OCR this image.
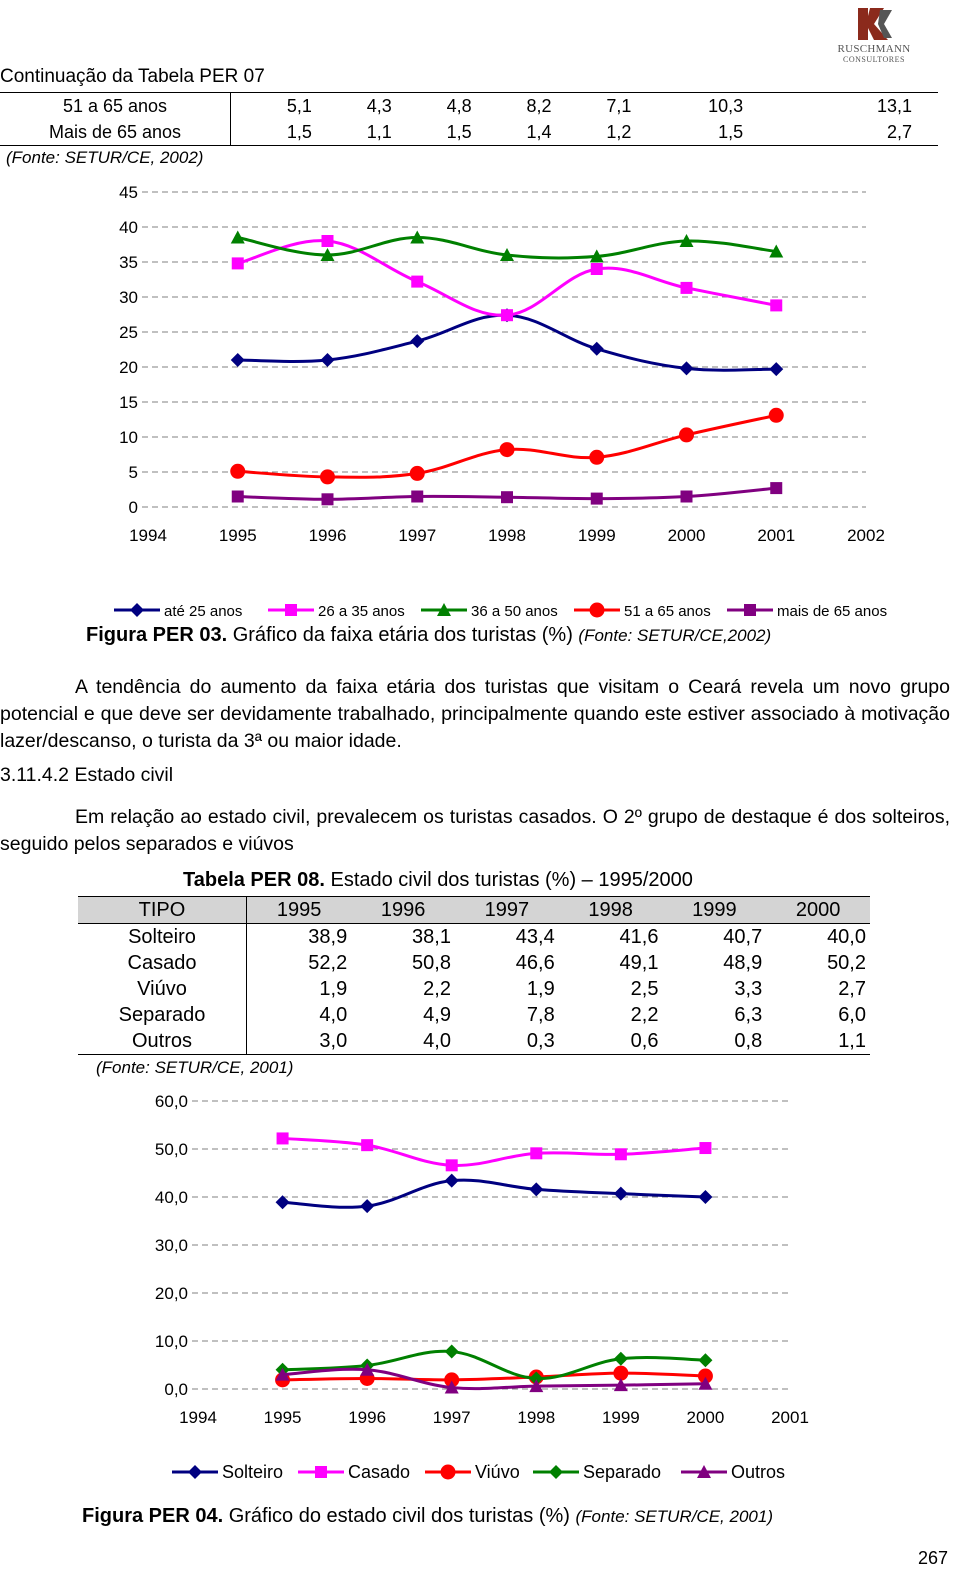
RUSCHMANN
CONSULTORES
Continuação da Tabela PER 07
51 a 65 anos	5,1	4,3	4,8	8,2	7,1	10,3	13,1
Mais de 65 anos	1,5	1,1	1,5	1,4	1,2	1,5	2,7
(Fonte: SETUR/CE, 2002)
0
5
10
15
20
25
30
35
40
45
1994	1995	1996	1997	1998	1999	2000	2001	2002
até 25 anos	26 a 35 anos	36 a 50 anos	51 a 65 anos	mais de 65 anos
Figura PER 03. Gráfico da faixa etária dos turistas (%) (Fonte: SETUR/CE,2002)
A tendência do aumento da faixa etária dos turistas que visitam o Ceará revela um novo grupo potencial e que deve ser devidamente trabalhado, principalmente quando este estiver associado à motivação lazer/descanso, o turista da 3ª ou maior idade.
3.11.4.2 Estado civil
Em relação ao estado civil, prevalecem os turistas casados. O 2º grupo de destaque é dos solteiros, seguido pelos separados e viúvos
Tabela PER 08. Estado civil dos turistas (%) – 1995/2000
TIPO	1995	1996	1997	1998	1999	2000
Solteiro	38,9	38,1	43,4	41,6	40,7	40,0
Casado	52,2	50,8	46,6	49,1	48,9	50,2
Viúvo	1,9	2,2	1,9	2,5	3,3	2,7
Separado	4,0	4,9	7,8	2,2	6,3	6,0
Outros	3,0	4,0	0,3	0,6	0,8	1,1
(Fonte: SETUR/CE, 2001)
0,0
10,0
20,0
30,0
40,0
50,0
60,0
1994	1995	1996	1997	1998	1999	2000	2001
Solteiro	Casado	Viúvo	Separado	Outros
Figura PER 04. Gráfico do estado civil dos turistas (%) (Fonte: SETUR/CE, 2001)
267
